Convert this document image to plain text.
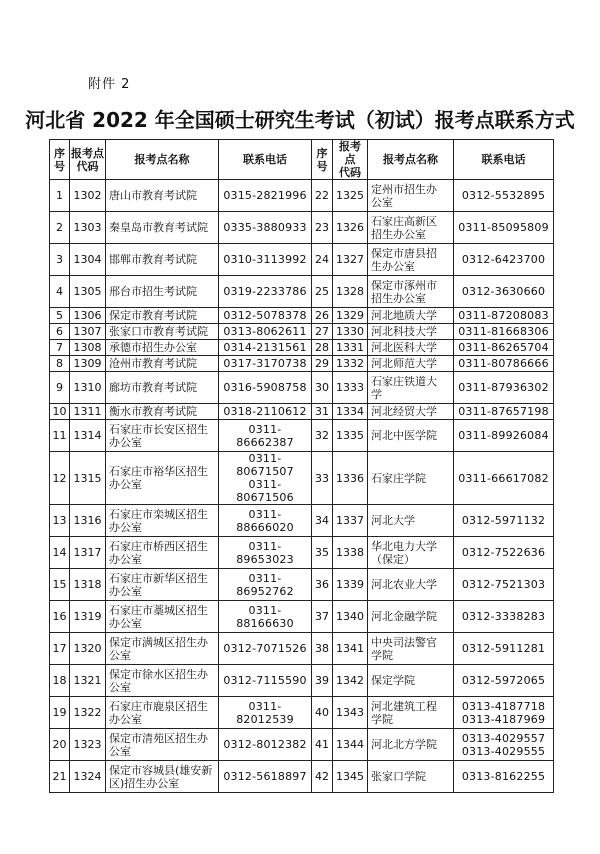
附件 2
河北省 2022 年全国硕士研究生考试（初试）报考点联系方式
序
号	报考点
代码	报考点名称	联系电话	序
号	报考点
代码	报考点名称	联系电话
1	1302	唐山市教育考试院	0315-2821996	22	1325	定州市招生办
公室	0312-5532895

2	1303	秦皇岛市教育考试院	0335-3880933	23	1326	石家庄高新区
招生办公室	0311-85095809

3	1304	邯郸市教育考试院	0310-3113992	24	1327	保定市唐县招
生办公室	0312-6423700

4	1305	邢台市招生考试院	0319-2233786	25	1328	保定市涿州市
招生办公室	0312-3630660

5	1306	保定市教育考试院	0312-5078378	26	1329	河北地质大学	0311-87208083

6	1307	张家口市教育考试院	0313-8062611	27	1330	河北科技大学	0311-81668306

7	1308	承德市招生办公室	0314-2131561	28	1331	河北医科大学	0311-86265704

8	1309	沧州市教育考试院	0317-3170738	29	1332	河北师范大学	0311-80786666

9	1310	廊坊市教育考试院	0316-5908758	30	1333	石家庄铁道大
学	0311-87936302

10	1311	衡水市教育考试院	0318-2110612	31	1334	河北经贸大学	0311-87657198

11	1314	石家庄市长安区招生
办公室	0311-86662387	32	1335	河北中医学院	0311-89926084

12	1315	石家庄市裕华区招生
办公室	0311-80671507
0311-80671506	33	1336	石家庄学院	0311-66617082

13	1316	石家庄市栾城区招生
办公室	0311-88666020	34	1337	河北大学	0312-5971132

14	1317	石家庄市桥西区招生
办公室	0311-89653023	35	1338	华北电力大学
（保定）	0312-7522636

15	1318	石家庄市新华区招生
办公室	0311-86952762	36	1339	河北农业大学	0312-7521303

16	1319	石家庄市藁城区招生
办公室	0311-88166630	37	1340	河北金融学院	0312-3338283

17	1320	保定市满城区招生办
公室	0312-7071526	38	1341	中央司法警官
学院	0312-5911281

18	1321	保定市徐水区招生办
公室	0312-7115590	39	1342	保定学院	0312-5972065

19	1322	石家庄市鹿泉区招生
办公室	0311-82012539	40	1343	河北建筑工程
学院	0313-4187718
0313-4187969

20	1323	保定市清苑区招生办
公室	0312-8012382	41	1344	河北北方学院	0313-4029557
0313-4029555

21	1324	保定市容城县(雄安新
区)招生办公室	0312-5618897	42	1345	张家口学院	0313-8162255
